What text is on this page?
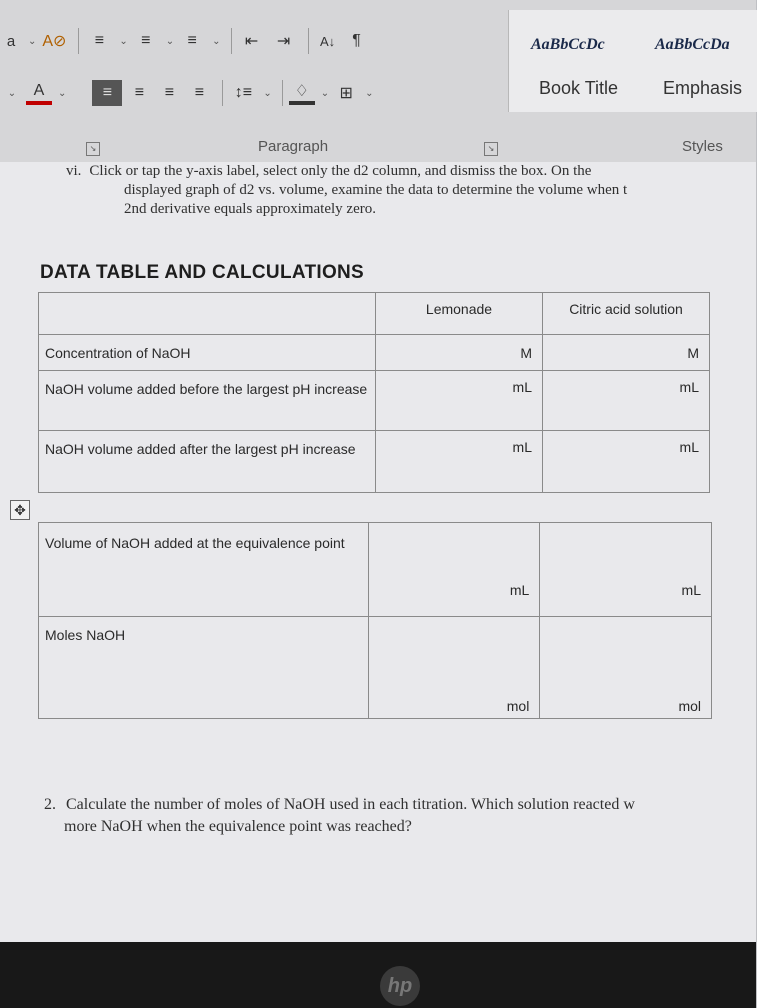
a	⌄ A⊘	≡	⌄ ≡	⌄ ≡	⌄	⇤	⇥	A↓	¶
⌄	A	⌄	≡	≡	≡	≡	↕≡	⌄	♢	⌄ ⊞	⌄
AaBbCcDc	AaBbCcDa
Book Title Emphasis
↘	Paragraph	↘	Styles
vi. Click or tap the y-axis label, select only the d2 column, and dismiss the box. On the
displayed graph of d2 vs. volume, examine the data to determine the volume when t
2nd derivative equals approximately zero.
DATA TABLE AND CALCULATIONS
	Lemonade	Citric acid solution
Concentration of NaOH	M	M
NaOH volume added before the largest pH increase	mL	mL
NaOH volume added after the largest pH increase	mL	mL
✥
Volume of NaOH added at the equivalence point	mL	mL
Moles NaOH	mol	mol
2. Calculate the number of moles of NaOH used in each titration. Which solution reacted w
more NaOH when the equivalence point was reached?
hp
